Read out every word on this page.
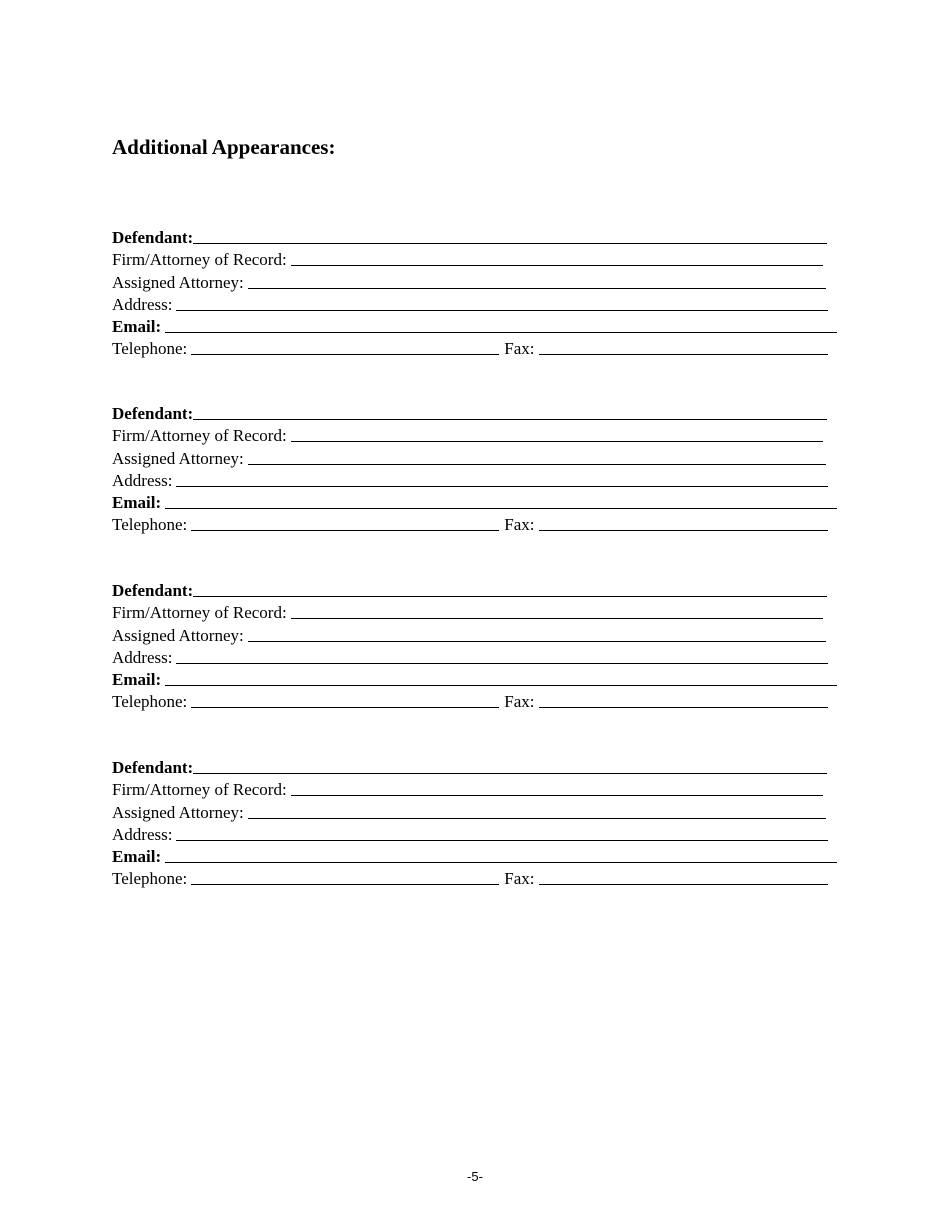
Additional Appearances:
Defendant:
Firm/Attorney of Record:
Assigned Attorney:
Address:
Email:
Telephone:	Fax:
Defendant:
Firm/Attorney of Record:
Assigned Attorney:
Address:
Email:
Telephone:	Fax:
Defendant:
Firm/Attorney of Record:
Assigned Attorney:
Address:
Email:
Telephone:	Fax:
Defendant:
Firm/Attorney of Record:
Assigned Attorney:
Address:
Email:
Telephone:	Fax:
-5-
